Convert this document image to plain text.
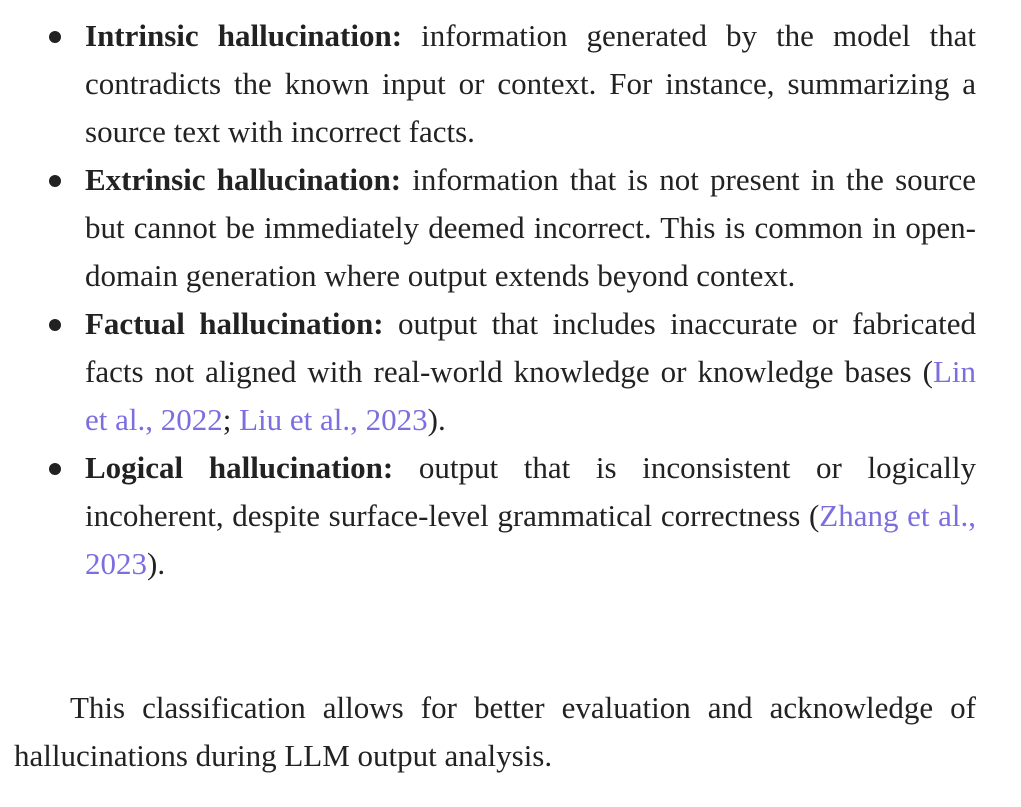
Intrinsic hallucination: information generated by the model that contradicts the known input or context. For instance, summarizing a source text with incorrect facts.
Extrinsic hallucination: information that is not present in the source but cannot be immediately deemed incorrect. This is common in open-domain generation where output extends beyond context.
Factual hallucination: output that includes inaccurate or fabricated facts not aligned with real-world knowledge or knowledge bases (Lin et al., 2022; Liu et al., 2023).
Logical hallucination: output that is inconsistent or logically incoherent, despite surface-level grammatical correctness (Zhang et al., 2023).

This classification allows for better evaluation and acknowledge of hallucinations during LLM output analysis.
